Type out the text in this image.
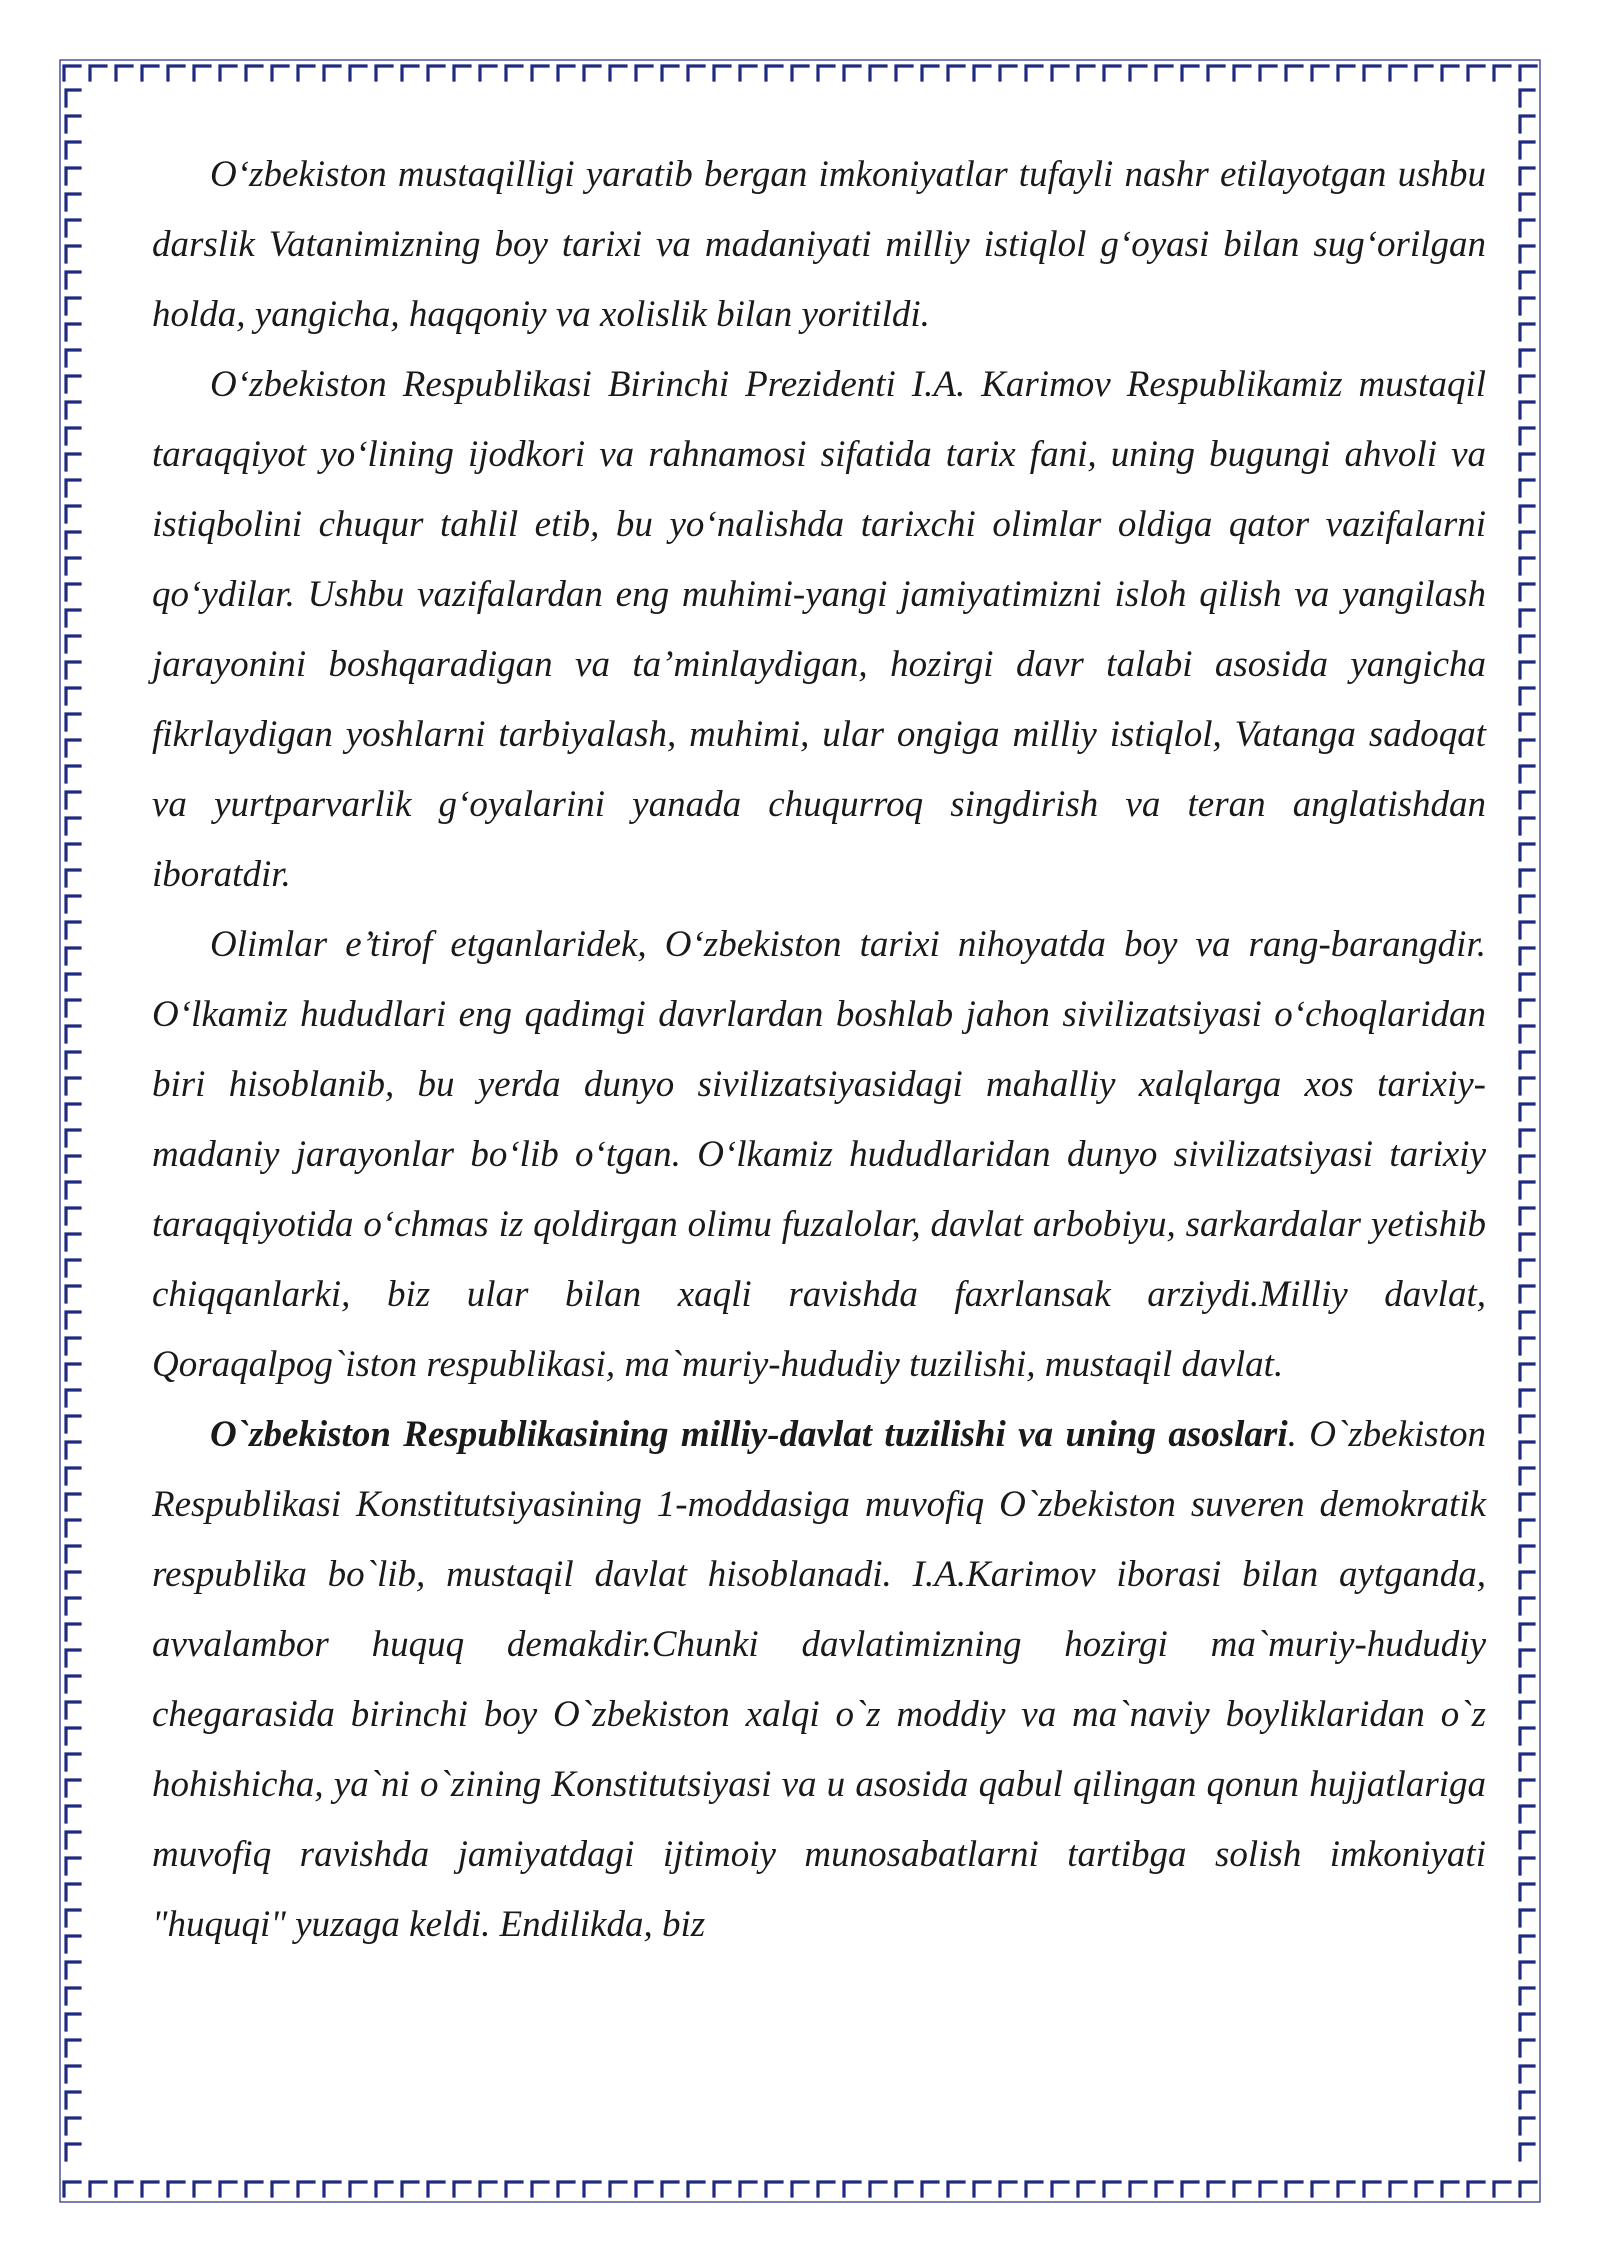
O‘zbekiston mustaqilligi yaratib bergan imkoniyatlar tufayli nashr etilayotgan ushbu darslik Vatanimizning boy tarixi va madaniyati milliy istiqlol g‘oyasi bilan sug‘orilgan holda, yangicha, haqqoniy va xolislik bilan yoritildi.

O‘zbekiston Respublikasi Birinchi Prezidenti I.A. Karimov Respublikamiz mustaqil taraqqiyot yo‘lining ijodkori va rahnamosi sifatida tarix fani, uning bugungi ahvoli va istiqbolini chuqur tahlil etib, bu yo‘nalishda tarixchi olimlar oldiga qator vazifalarni qo‘ydilar. Ushbu vazifalardan eng muhimi-yangi jamiyatimizni isloh qilish va yangilash jarayonini boshqaradigan va ta’minlaydigan, hozirgi davr talabi asosida yangicha fikrlaydigan yoshlarni tarbiyalash, muhimi, ular ongiga milliy istiqlol, Vatanga sadoqat va yurtparvarlik g‘oyalarini yanada chuqurroq singdirish va teran anglatishdan iboratdir.

Olimlar e’tirof etganlaridek, O‘zbekiston tarixi nihoyatda boy va rang-barangdir. O‘lkamiz hududlari eng qadimgi davrlardan boshlab jahon sivilizatsiyasi o‘choqlaridan biri hisoblanib, bu yerda dunyo sivilizatsiyasidagi mahalliy xalqlarga xos tarixiy-madaniy jarayonlar bo‘lib o‘tgan. O‘lkamiz hududlaridan dunyo sivilizatsiyasi tarixiy taraqqiyotida o‘chmas iz qoldirgan olimu fuzalolar, davlat arbobiyu, sarkardalar yetishib chiqqanlarki, biz ular bilan xaqli ravishda faxrlansak arziydi.Milliy davlat, Qoraqalpog`iston respublikasi, ma`muriy-hududiy tuzilishi, mustaqil davlat.

O`zbekiston Respublikasining milliy-davlat tuzilishi va uning asoslari. O`zbekiston Respublikasi Konstitutsiyasining 1-moddasiga muvofiq O`zbekiston suveren demokratik respublika bo`lib, mustaqil davlat hisoblanadi. I.A.Karimov iborasi bilan aytganda, avvalambor huquq demakdir.Chunki davlatimizning hozirgi ma`muriy-hududiy chegarasida birinchi boy O`zbekiston xalqi o`z moddiy va ma`naviy boyliklaridan o`z hohishicha, ya`ni o`zining Konstitutsiyasi va u asosida qabul qilingan qonun hujjatlariga muvofiq ravishda jamiyatdagi ijtimoiy munosabatlarni tartibga solish imkoniyati "huquqi" yuzaga keldi. Endilikda, biz
